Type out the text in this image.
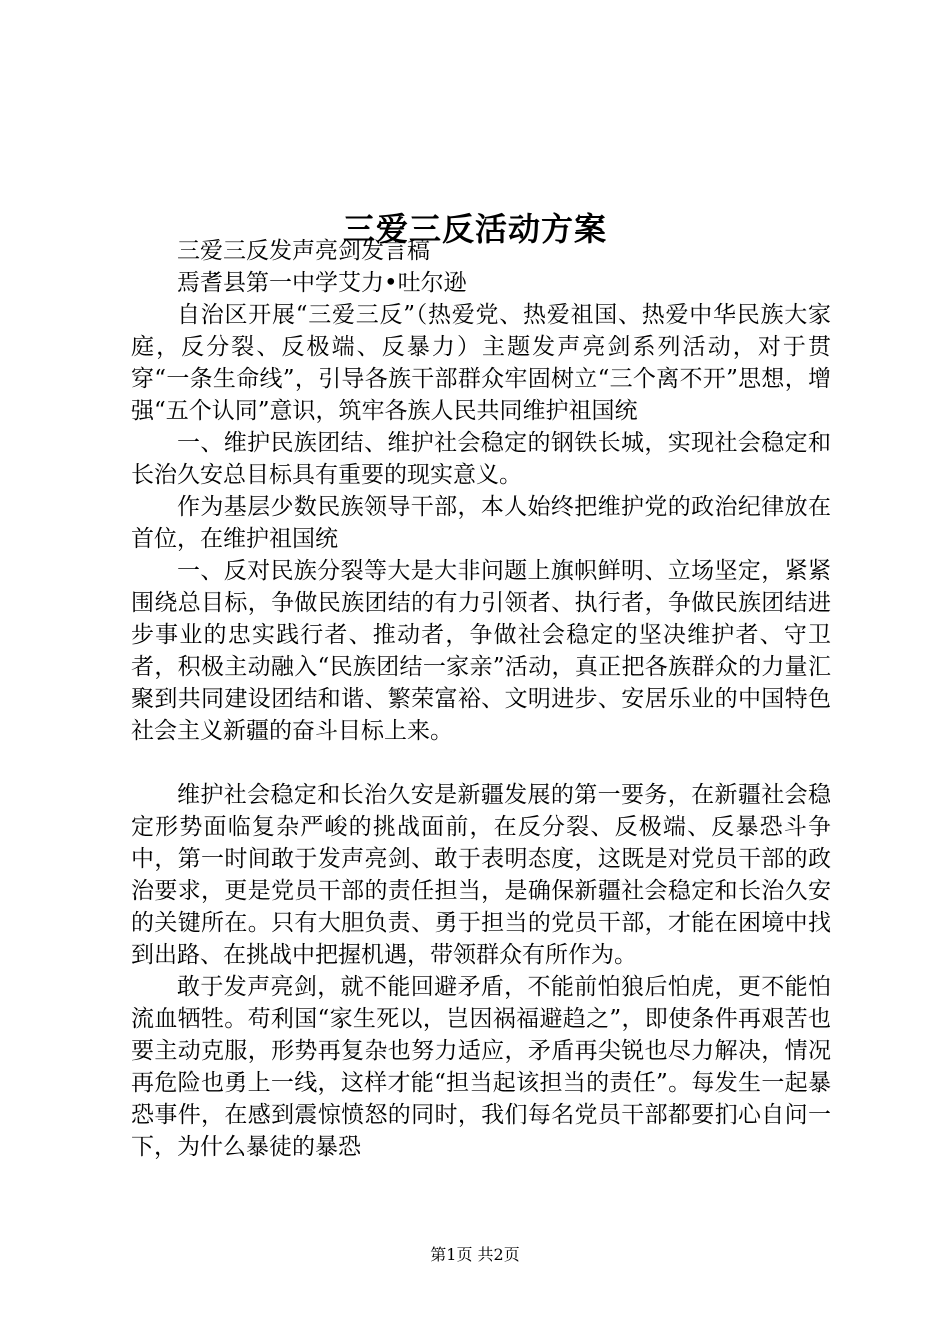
三爱三反活动方案

三爱三反发声亮剑发言稿

焉耆县第一中学艾力•吐尔逊

自治区开展“三爱三反”（热爱党、热爱祖国、热爱中华民族大家庭，反分裂、反极端、反暴力）主题发声亮剑系列活动，对于贯穿“一条生命线”，引导各族干部群众牢固树立“三个离不开”思想，增强“五个认同”意识，筑牢各族人民共同维护祖国统

一、维护民族团结、维护社会稳定的钢铁长城，实现社会稳定和长治久安总目标具有重要的现实意义。

作为基层少数民族领导干部，本人始终把维护党的政治纪律放在首位，在维护祖国统

一、反对民族分裂等大是大非问题上旗帜鲜明、立场坚定，紧紧围绕总目标，争做民族团结的有力引领者、执行者，争做民族团结进步事业的忠实践行者、推动者，争做社会稳定的坚决维护者、守卫者，积极主动融入“民族团结一家亲”活动，真正把各族群众的力量汇聚到共同建设团结和谐、繁荣富裕、文明进步、安居乐业的中国特色社会主义新疆的奋斗目标上来。

维护社会稳定和长治久安是新疆发展的第一要务，在新疆社会稳定形势面临复杂严峻的挑战面前，在反分裂、反极端、反暴恐斗争中，第一时间敢于发声亮剑、敢于表明态度，这既是对党员干部的政治要求，更是党员干部的责任担当，是确保新疆社会稳定和长治久安的关键所在。只有大胆负责、勇于担当的党员干部，才能在困境中找到出路、在挑战中把握机遇，带领群众有所作为。

敢于发声亮剑，就不能回避矛盾，不能前怕狼后怕虎，更不能怕流血牺牲。苟利国“家生死以，岂因祸福避趋之”，即使条件再艰苦也要主动克服，形势再复杂也努力适应，矛盾再尖锐也尽力解决，情况再危险也勇上一线，这样才能“担当起该担当的责任”。每发生一起暴恐事件，在感到震惊愤怒的同时，我们每名党员干部都要扪心自问一下，为什么暴徒的暴恐

第1页 共2页
